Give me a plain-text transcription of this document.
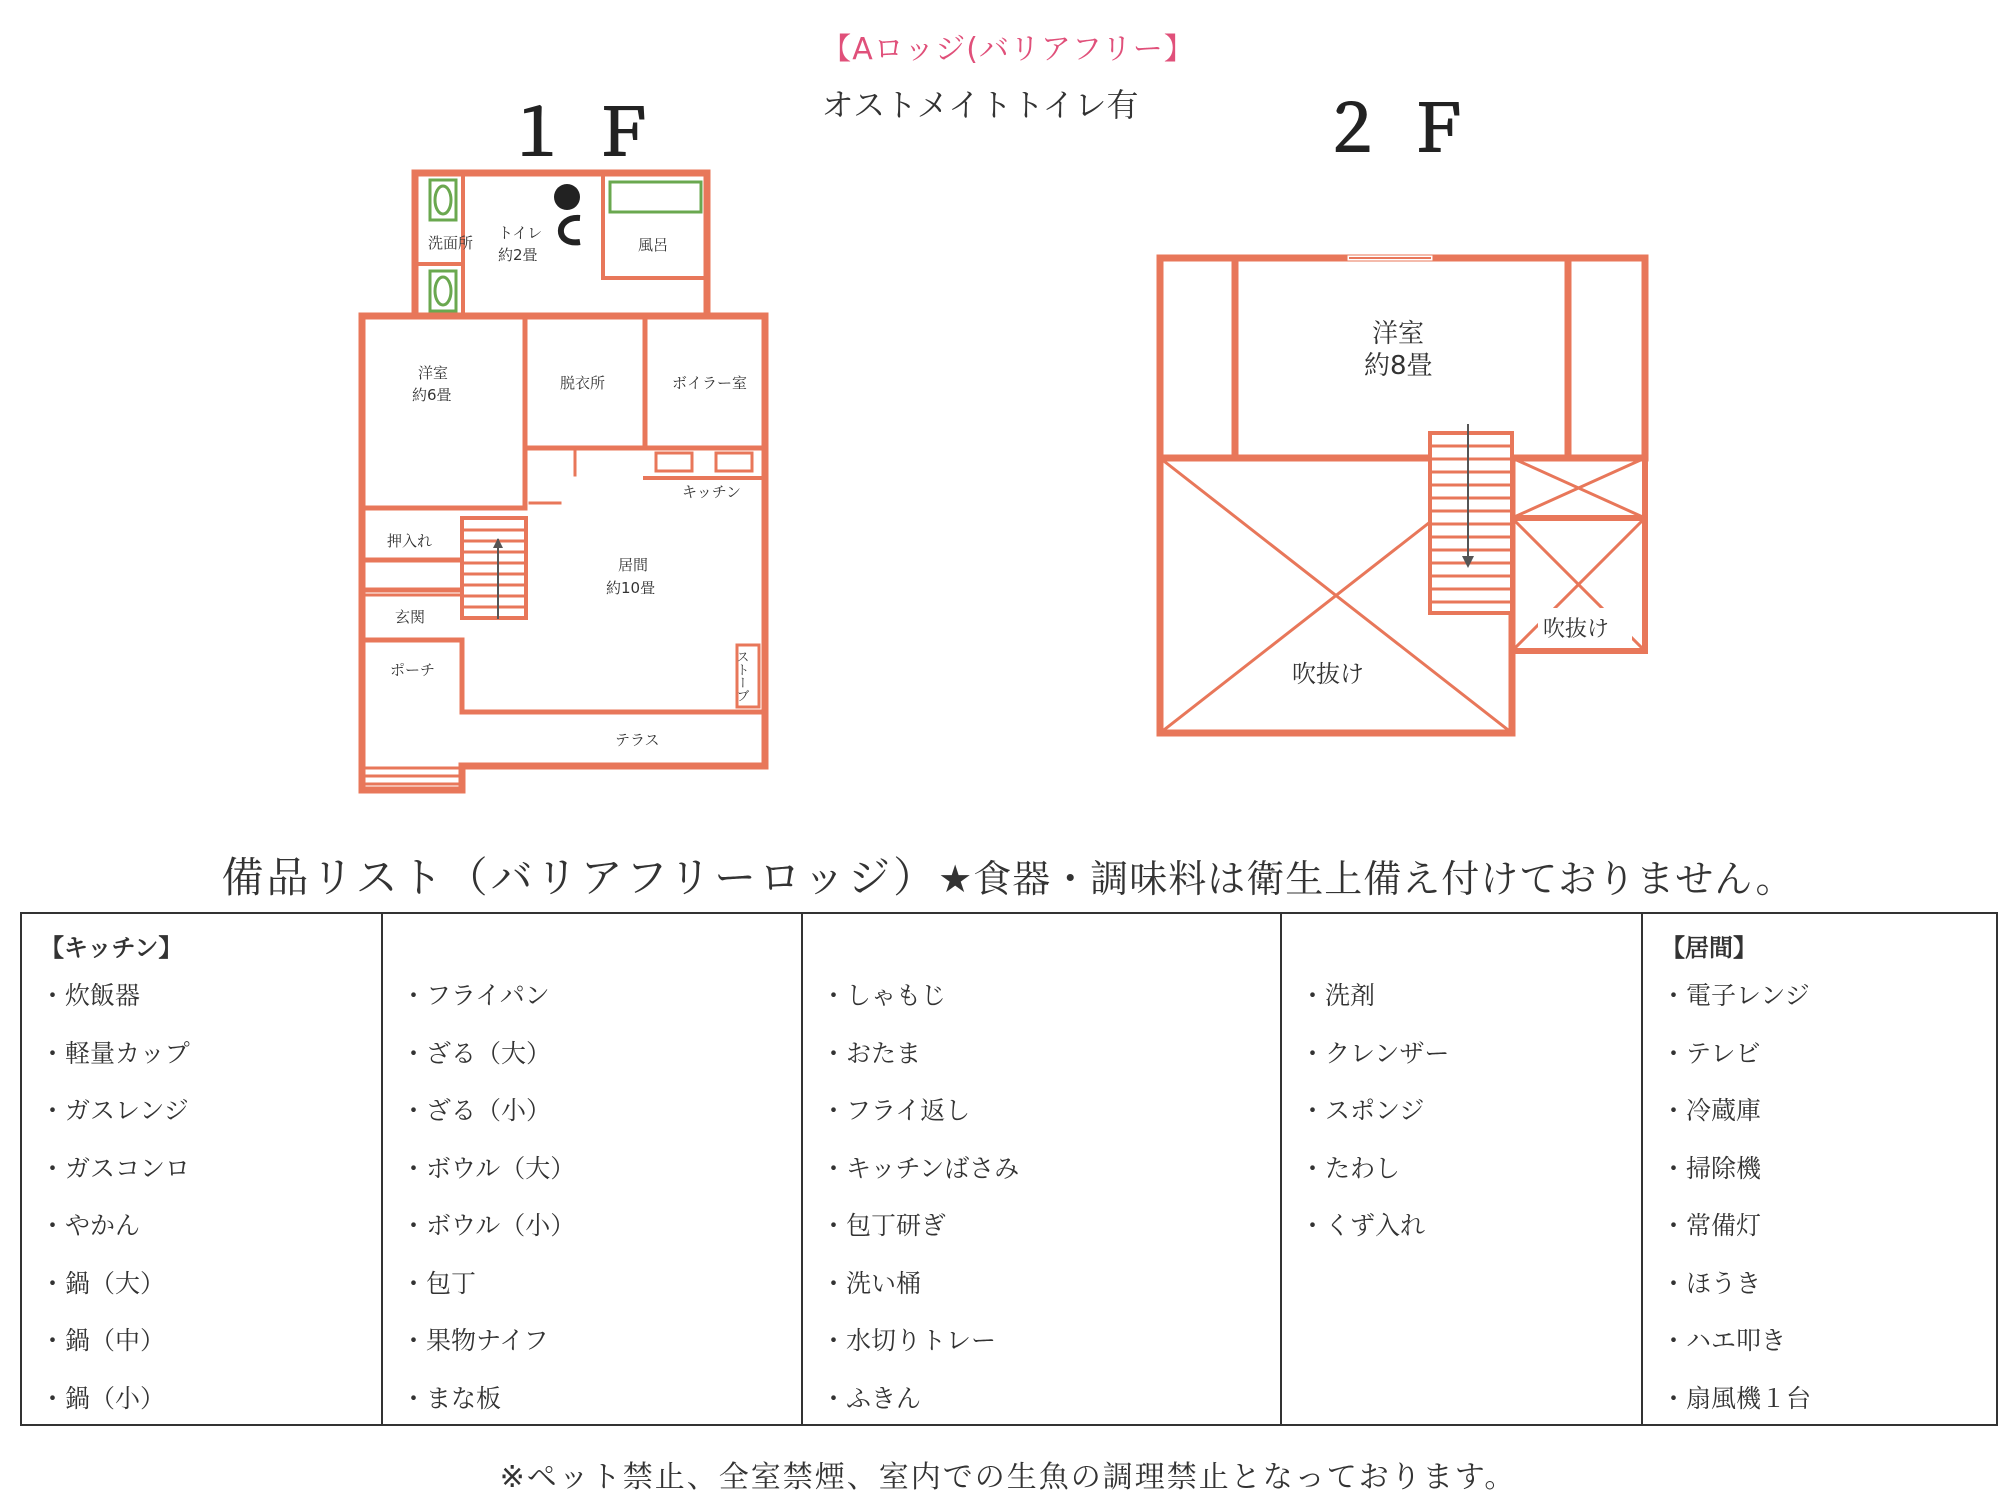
【Aロッジ(バリアフリー】
オストメイトトイレ有
１Ｆ	２Ｆ
洗面所
トイレ
約2畳
風呂
洋室
約6畳
脱衣所	ボイラー室
キッチン
押入れ
居間
約10畳
玄関
ポーチ
テラス
ストーブ
洋室
約8畳
吹抜け
吹抜け
備品リスト（バリアフリーロッジ）★食器・調味料は衛生上備え付けておりません。
【キッチン】
・ 炊飯器
・ 軽量カップ
・ ガスレンジ
・ ガスコンロ
・ やかん
・ 鍋（大）
・ 鍋（中）
・ 鍋（小）
・ フライパン
・ ざる（大）
・ ざる（小）
・ ボウル（大）
・ ボウル（小）
・ 包丁
・ 果物ナイフ
・ まな板
・ しゃもじ
・ おたま
・ フライ返し
・ キッチンばさみ
・ 包丁研ぎ
・ 洗い桶
・ 水切りトレー
・ ふきん
・ 洗剤
・ クレンザー
・ スポンジ
・ たわし
・ くず入れ
【居間】
・ 電子レンジ
・ テレビ
・ 冷蔵庫
・ 掃除機
・ 常備灯
・ ほうき
・ ハエ叩き
・ 扇風機１台
※ペット禁止、全室禁煙、室内での生魚の調理禁止となっております。
